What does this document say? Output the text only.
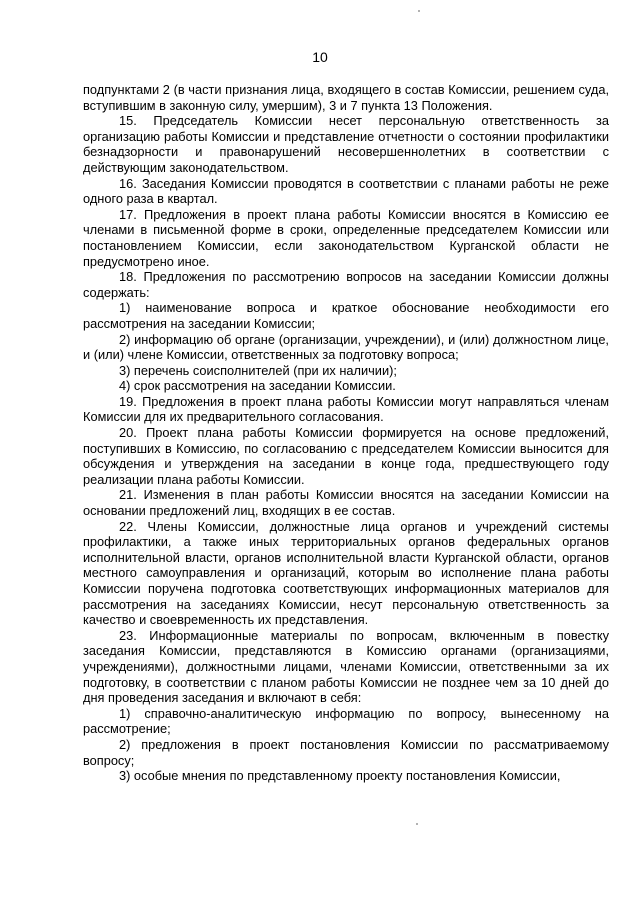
10

подпунктами 2 (в части признания лица, входящего в состав Комиссии, решением суда, вступившим в законную силу, умершим), 3 и 7 пункта 13 Положения.

15. Председатель Комиссии несет персональную ответственность за организацию работы Комиссии и представление отчетности о состоянии профилактики безнадзорности и правонарушений несовершеннолетних в соответствии с действующим законодательством.

16. Заседания Комиссии проводятся в соответствии с планами работы не реже одного раза в квартал.

17. Предложения в проект плана работы Комиссии вносятся в Комиссию ее членами в письменной форме в сроки, определенные председателем Комиссии или постановлением Комиссии, если законодательством Курганской области не предусмотрено иное.

18. Предложения по рассмотрению вопросов на заседании Комиссии должны содержать:

1) наименование вопроса и краткое обоснование необходимости его рассмотрения на заседании Комиссии;

2) информацию об органе (организации, учреждении), и (или) должностном лице, и (или) члене Комиссии, ответственных за подготовку вопроса;

3) перечень соисполнителей (при их наличии);

4) срок рассмотрения на заседании Комиссии.

19. Предложения в проект плана работы Комиссии могут направляться членам Комиссии для их предварительного согласования.

20. Проект плана работы Комиссии формируется на основе предложений, поступивших в Комиссию, по согласованию с председателем Комиссии выносится для обсуждения и утверждения на заседании в конце года, предшествующего году реализации плана работы Комиссии.

21. Изменения в план работы Комиссии вносятся на заседании Комиссии на основании предложений лиц, входящих в ее состав.

22. Члены Комиссии, должностные лица органов и учреждений системы профилактики, а также иных территориальных органов федеральных органов исполнительной власти, органов исполнительной власти Курганской области, органов местного самоуправления и организаций, которым во исполнение плана работы Комиссии поручена подготовка соответствующих информационных материалов для рассмотрения на заседаниях Комиссии, несут персональную ответственность за качество и своевременность их представления.

23. Информационные материалы по вопросам, включенным в повестку заседания Комиссии, представляются в Комиссию органами (организациями, учреждениями), должностными лицами, членами Комиссии, ответственными за их подготовку, в соответствии с планом работы Комиссии не позднее чем за 10 дней до дня проведения заседания и включают в себя:

1) справочно-аналитическую информацию по вопросу, вынесенному на рассмотрение;

2) предложения в проект постановления Комиссии по рассматриваемому вопросу;

3) особые мнения по представленному проекту постановления Комиссии,
